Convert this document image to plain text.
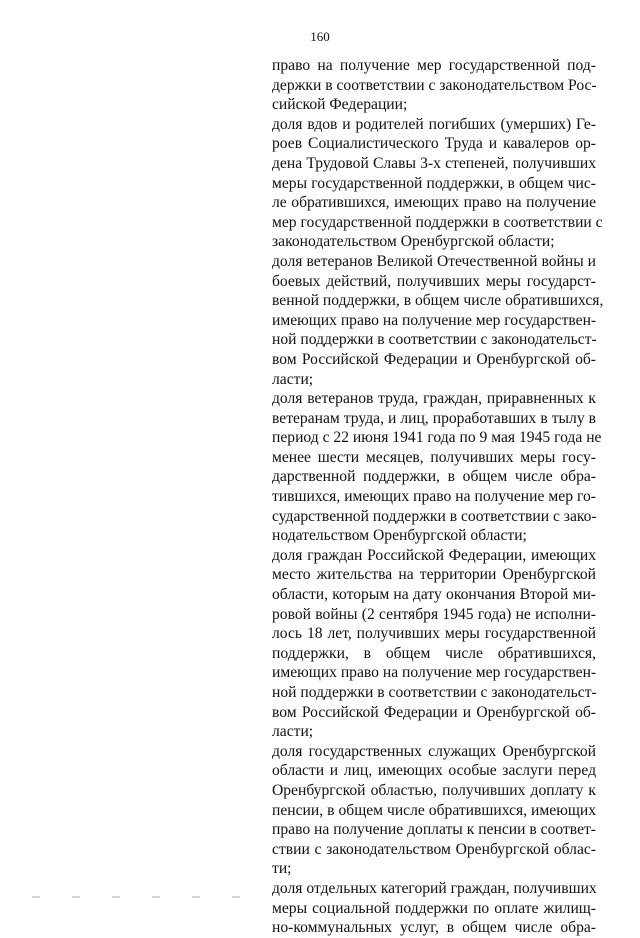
160
право на получение мер государственной под-
держки в соответствии с законодательством Рос-
сийской Федерации;
доля вдов и родителей погибших (умерших) Ге-
роев Социалистического Труда и кавалеров ор-
дена Трудовой Славы 3-х степеней, получивших
меры государственной поддержки, в общем чис-
ле обратившихся, имеющих право на получение
мер государственной поддержки в соответствии с
законодательством Оренбургской области;
доля ветеранов Великой Отечественной войны и
боевых действий, получивших меры государст-
венной поддержки, в общем числе обратившихся,
имеющих право на получение мер государствен-
ной поддержки в соответствии с законодательст-
вом Российской Федерации и Оренбургской об-
ласти;
доля ветеранов труда, граждан, приравненных к
ветеранам труда, и лиц, проработавших в тылу в
период с 22 июня 1941 года по 9 мая 1945 года не
менее шести месяцев, получивших меры госу-
дарственной поддержки, в общем числе обра-
тившихся, имеющих право на получение мер го-
сударственной поддержки в соответствии с зако-
нодательством Оренбургской области;
доля граждан Российской Федерации, имеющих
место жительства на территории Оренбургской
области, которым на дату окончания Второй ми-
ровой войны (2 сентября 1945 года) не исполни-
лось 18 лет, получивших меры государственной
поддержки, в общем числе обратившихся,
имеющих право на получение мер государствен-
ной поддержки в соответствии с законодательст-
вом Российской Федерации и Оренбургской об-
ласти;
доля государственных служащих Оренбургской
области и лиц, имеющих особые заслуги перед
Оренбургской областью, получивших доплату к
пенсии, в общем числе обратившихся, имеющих
право на получение доплаты к пенсии в соответ-
ствии с законодательством Оренбургской облас-
ти;
доля отдельных категорий граждан, получивших
меры социальной поддержки по оплате жилищ-
но-коммунальных услуг, в общем числе обра-
